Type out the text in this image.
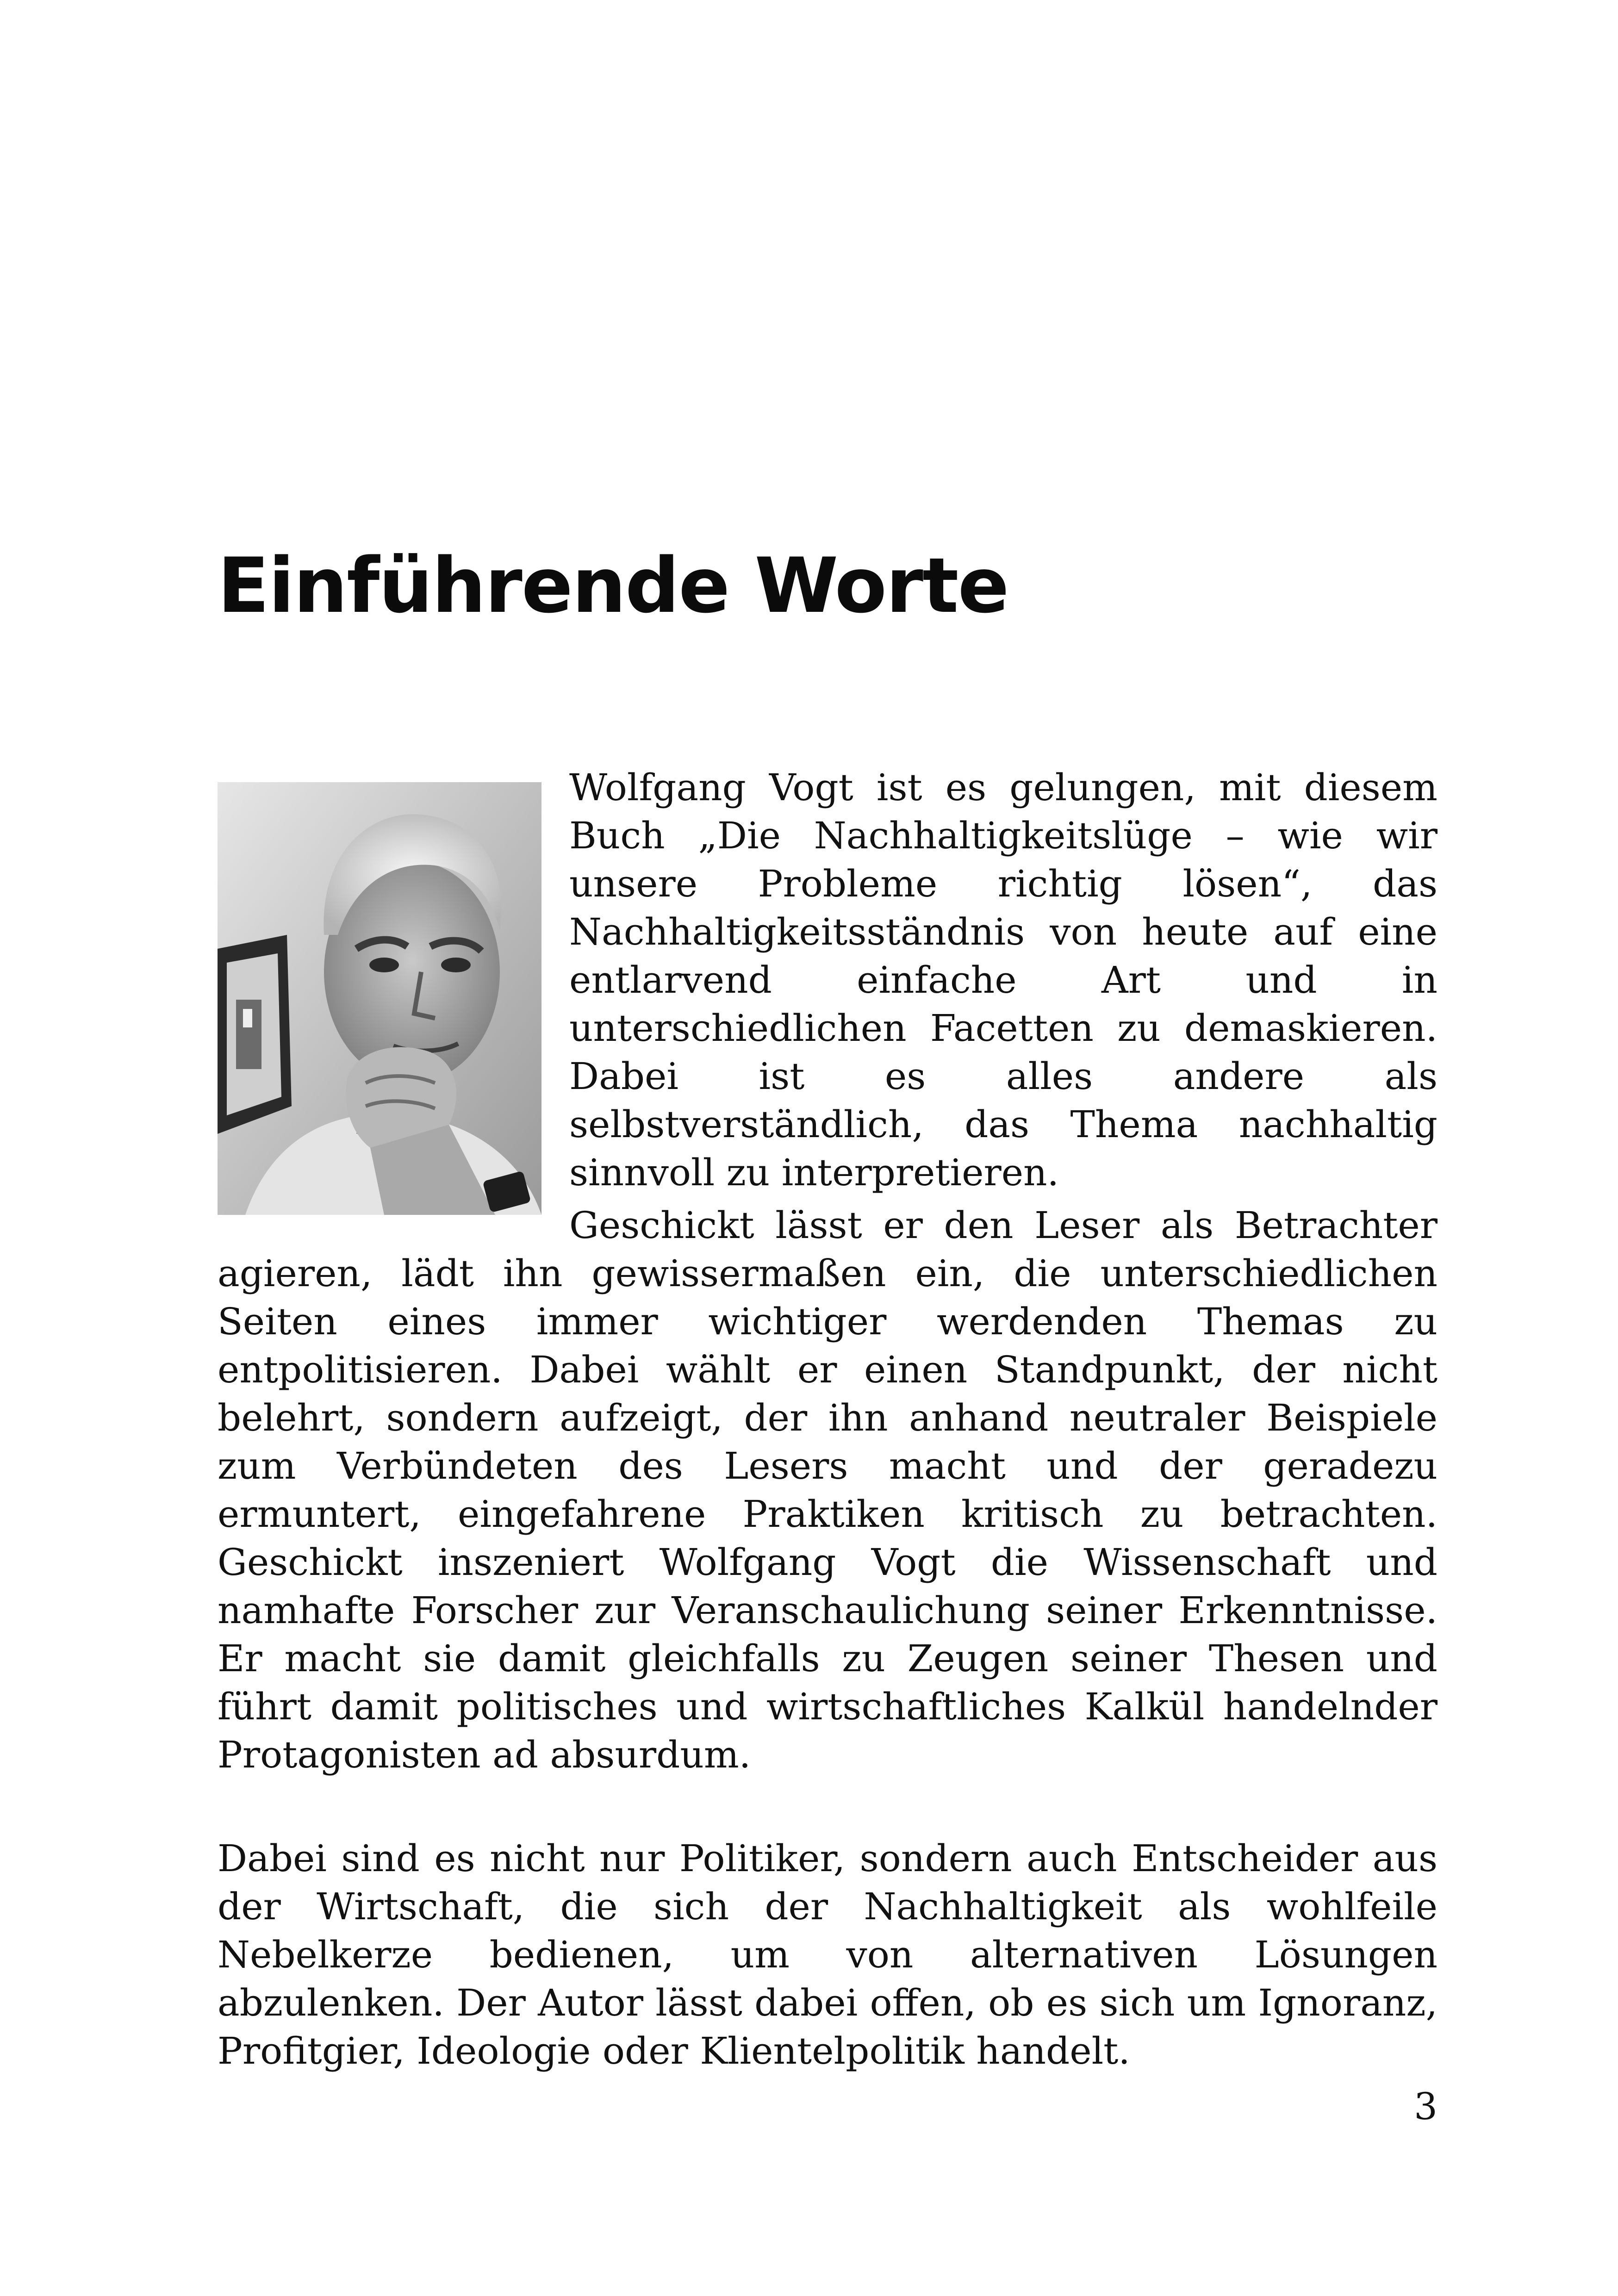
Einführende Worte

Wolfgang Vogt ist es gelungen, mit diesem Buch „Die Nachhaltigkeitslüge – wie wir unsere Probleme richtig lösen“, das Nachhaltigkeitsständnis von heute auf eine entlarvend einfache Art und in unterschiedlichen Facetten zu demaskieren. Dabei ist es alles andere als selbstverständlich, das Thema nachhaltig sinnvoll zu interpretieren.

Geschickt lässt er den Leser als Betrachter agieren, lädt ihn gewissermaßen ein, die unterschiedlichen Seiten eines immer wichtiger werdenden Themas zu entpolitisieren. Dabei wählt er einen Standpunkt, der nicht belehrt, sondern aufzeigt, der ihn anhand neutraler Beispiele zum Verbündeten des Lesers macht und der geradezu ermuntert, eingefahrene Praktiken kritisch zu betrachten. Geschickt inszeniert Wolfgang Vogt die Wissenschaft und namhafte Forscher zur Veranschaulichung seiner Erkenntnisse. Er macht sie damit gleichfalls zu Zeugen seiner Thesen und führt damit politisches und wirtschaftliches Kalkül handelnder Protagonisten ad absurdum.

Dabei sind es nicht nur Politiker, sondern auch Entscheider aus der Wirtschaft, die sich der Nachhaltigkeit als wohlfeile Nebelkerze bedienen, um von alternativen Lösungen abzulenken. Der Autor lässt dabei offen, ob es sich um Ignoranz, Profitgier, Ideologie oder Klientelpolitik handelt.

3
